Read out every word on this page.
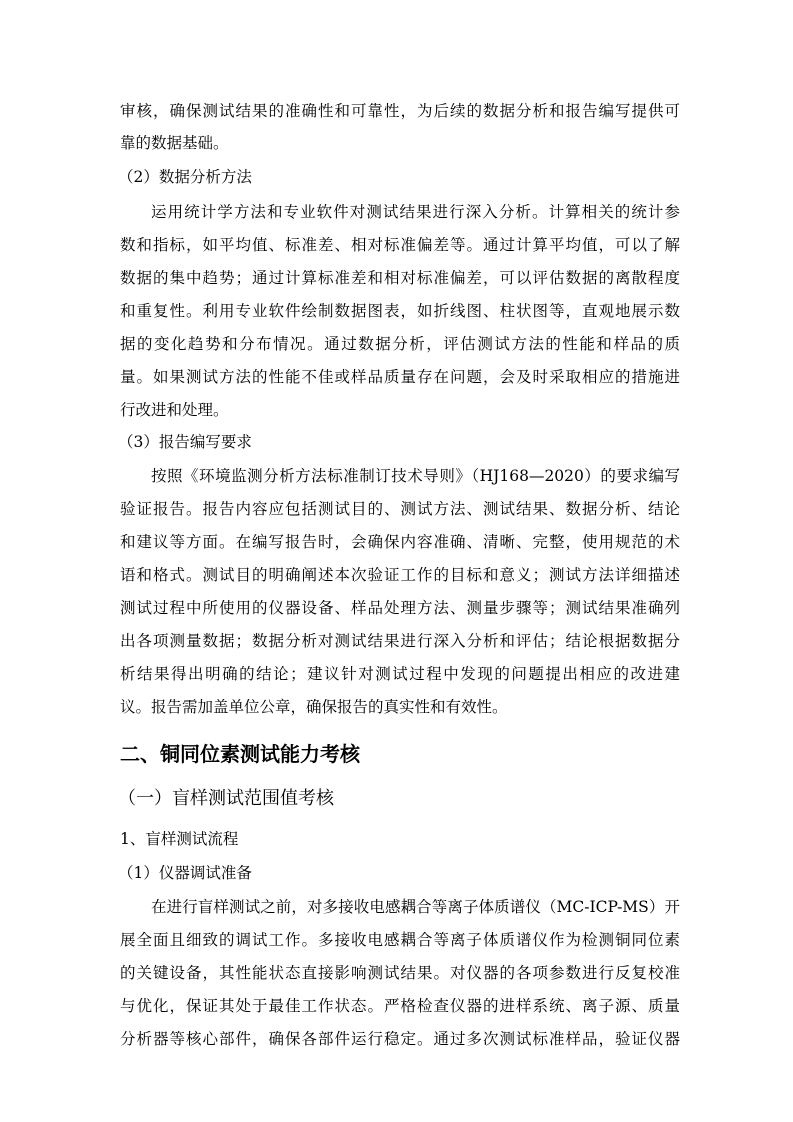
审核，确保测试结果的准确性和可靠性，为后续的数据分析和报告编写提供可
靠的数据基础。
（2）数据分析方法
运用统计学方法和专业软件对测试结果进行深入分析。计算相关的统计参
数和指标，如平均值、标准差、相对标准偏差等。通过计算平均值，可以了解
数据的集中趋势；通过计算标准差和相对标准偏差，可以评估数据的离散程度
和重复性。利用专业软件绘制数据图表，如折线图、柱状图等，直观地展示数
据的变化趋势和分布情况。通过数据分析，评估测试方法的性能和样品的质
量。如果测试方法的性能不佳或样品质量存在问题，会及时采取相应的措施进
行改进和处理。
（3）报告编写要求
按照《环境监测分析方法标准制订技术导则》（HJ168—2020）的要求编写
验证报告。报告内容应包括测试目的、测试方法、测试结果、数据分析、结论
和建议等方面。在编写报告时，会确保内容准确、清晰、完整，使用规范的术
语和格式。测试目的明确阐述本次验证工作的目标和意义；测试方法详细描述
测试过程中所使用的仪器设备、样品处理方法、测量步骤等；测试结果准确列
出各项测量数据；数据分析对测试结果进行深入分析和评估；结论根据数据分
析结果得出明确的结论；建议针对测试过程中发现的问题提出相应的改进建
议。报告需加盖单位公章，确保报告的真实性和有效性。
二、铜同位素测试能力考核
（一）盲样测试范围值考核
1、盲样测试流程
（1）仪器调试准备
在进行盲样测试之前，对多接收电感耦合等离子体质谱仪（MC-ICP-MS）开
展全面且细致的调试工作。多接收电感耦合等离子体质谱仪作为检测铜同位素
的关键设备，其性能状态直接影响测试结果。对仪器的各项参数进行反复校准
与优化，保证其处于最佳工作状态。严格检查仪器的进样系统、离子源、质量
分析器等核心部件，确保各部件运行稳定。通过多次测试标准样品，验证仪器
